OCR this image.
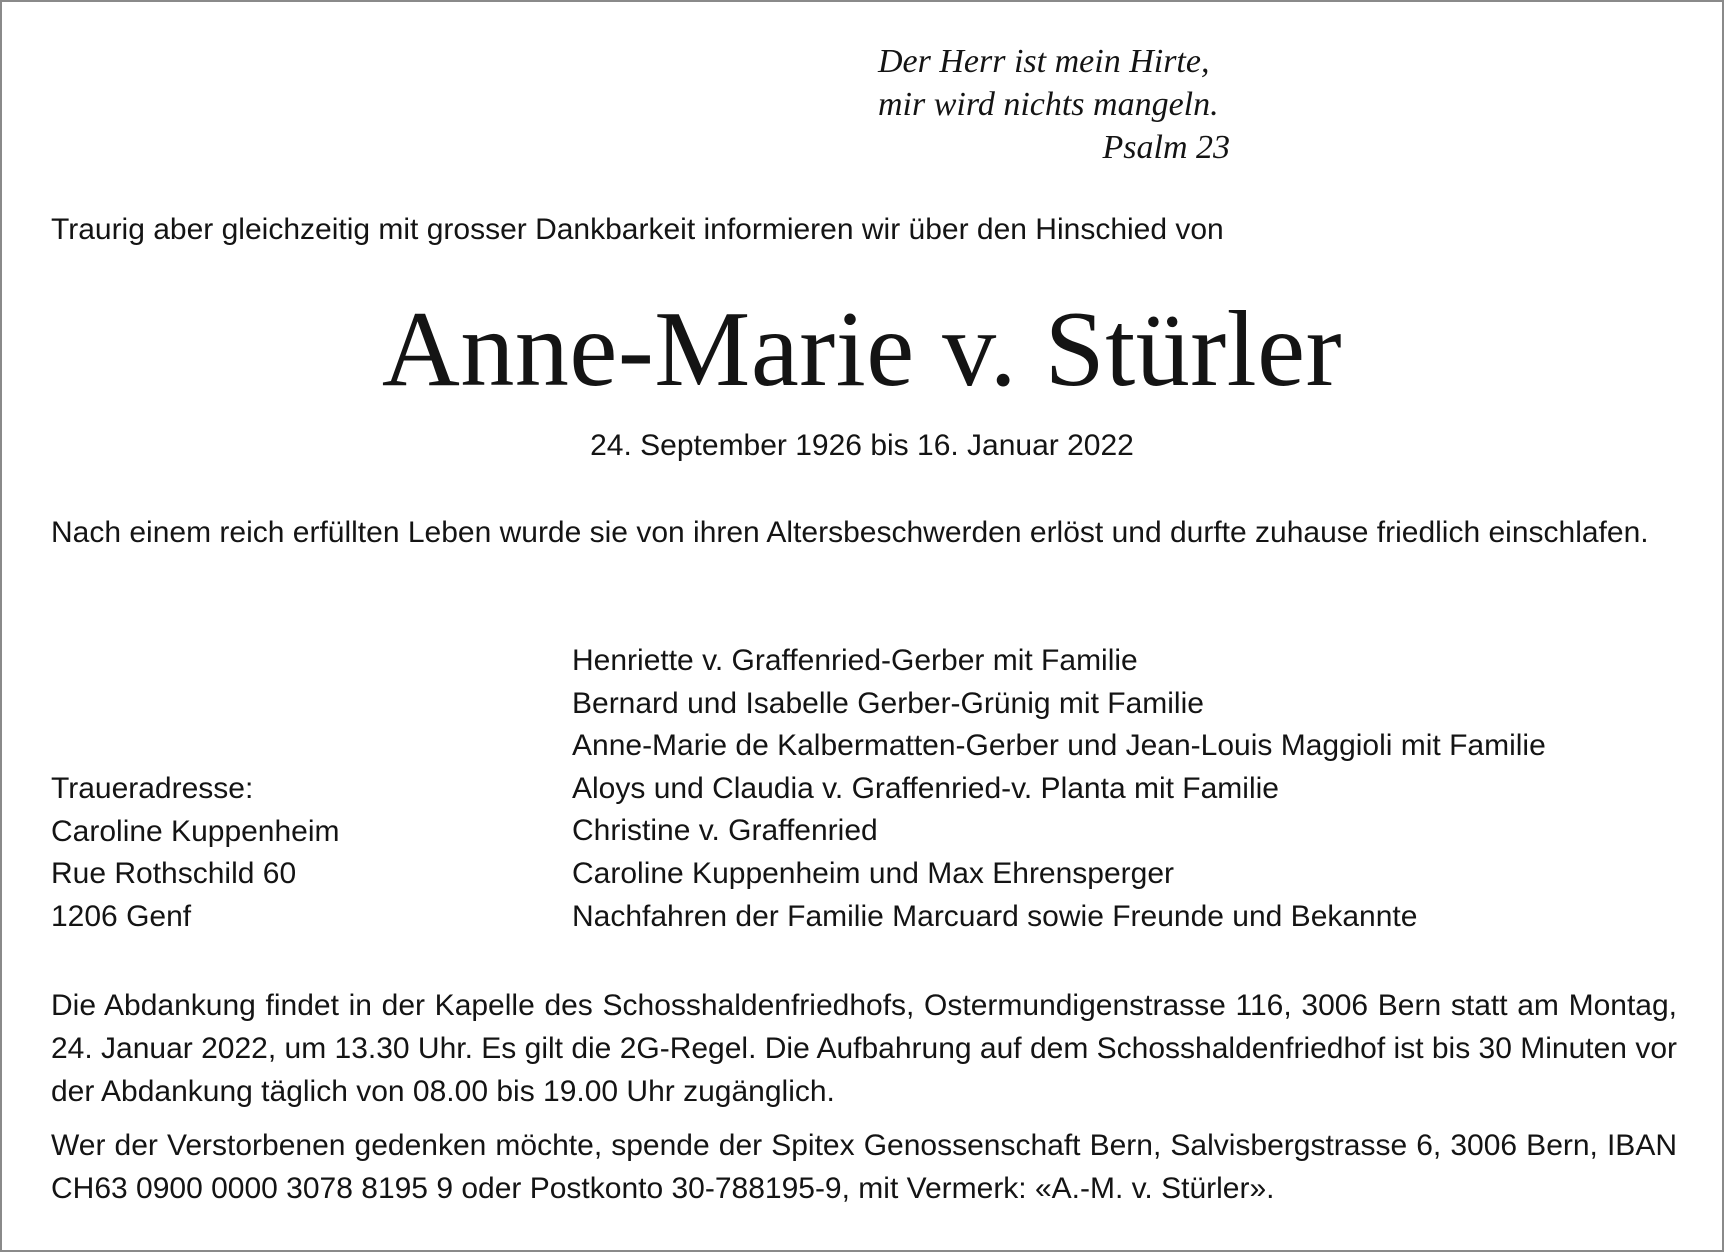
Der Herr ist mein Hirte,
mir wird nichts mangeln.
Psalm 23
Traurig aber gleichzeitig mit grosser Dankbarkeit informieren wir über den Hinschied von
Anne-Marie v. Stürler
24. September 1926 bis 16. Januar 2022
Nach einem reich erfüllten Leben wurde sie von ihren Altersbeschwerden erlöst und durfte zuhause friedlich einschlafen.
Henriette v. Graffenried-Gerber mit Familie
Bernard und Isabelle Gerber-Grünig mit Familie
Anne-Marie de Kalbermatten-Gerber und Jean-Louis Maggioli mit Familie
Aloys und Claudia v. Graffenried-v. Planta mit Familie
Christine v. Graffenried
Caroline Kuppenheim und Max Ehrensperger
Nachfahren der Familie Marcuard sowie Freunde und Bekannte
Traueradresse:
Caroline Kuppenheim
Rue Rothschild 60
1206 Genf
Die Abdankung findet in der Kapelle des Schosshaldenfriedhofs, Ostermundigenstrasse 116, 3006 Bern statt am Montag, 24. Januar 2022, um 13.30 Uhr. Es gilt die 2G-Regel. Die Aufbahrung auf dem Schosshaldenfriedhof ist bis 30 Minuten vor der Abdankung täglich von 08.00 bis 19.00 Uhr zugänglich.
Wer der Verstorbenen gedenken möchte, spende der Spitex Genossenschaft Bern, Salvisbergstrasse 6, 3006 Bern, IBAN CH63 0900 0000 3078 8195 9 oder Postkonto 30-788195-9, mit Vermerk: «A.-M. v. Stürler».
